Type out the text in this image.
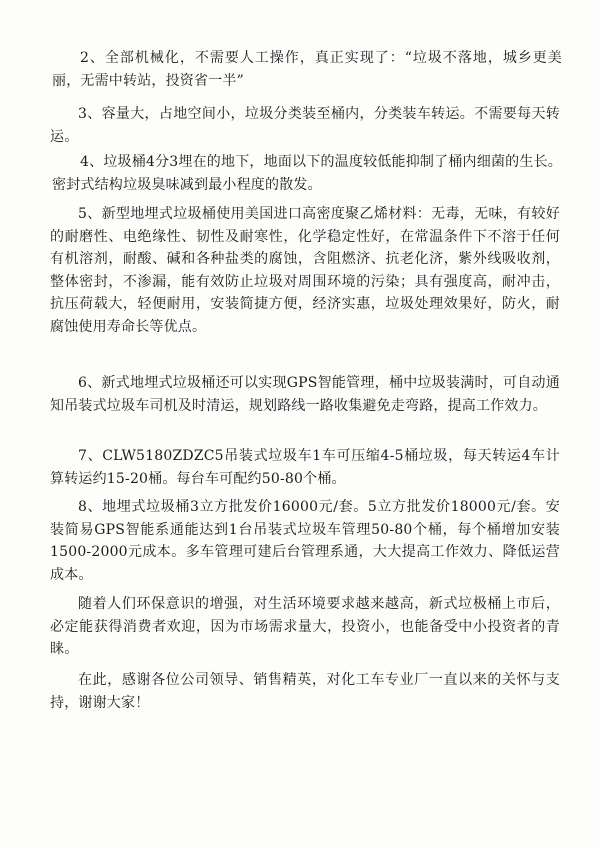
2、全部机械化，不需要人工操作，真正实现了：“垃圾不落地，城乡更美丽，无需中转站，投资省一半”

3、容量大，占地空间小，垃圾分类装至桶内，分类装车转运。不需要每天转运。

4、垃圾桶4分3埋在的地下，地面以下的温度较低能抑制了桶内细菌的生长。密封式结构垃圾臭味减到最小程度的散发。

5、新型地埋式垃圾桶使用美国进口高密度聚乙烯材料：无毒，无味，有较好的耐磨性、电绝缘性、韧性及耐寒性，化学稳定性好，在常温条件下不溶于任何有机溶剂，耐酸、碱和各种盐类的腐蚀，含阻燃济、抗老化济，紫外线吸收剂，整体密封，不渗漏，能有效防止垃圾对周围环境的污染；具有强度高，耐冲击，抗压荷载大，轻便耐用，安装简捷方便，经济实惠，垃圾处理效果好，防火，耐腐蚀使用寿命长等优点。

6、新式地埋式垃圾桶还可以实现GPS智能管理，桶中垃圾装满时，可自动通知吊装式垃圾车司机及时清运，规划路线一路收集避免走弯路，提高工作效力。

7、CLW5180ZDZC5吊装式垃圾车1车可压缩4-5桶垃圾，每天转运4车计算转运约15-20桶。每台车可配约50-80个桶。

8、地埋式垃圾桶3立方批发价16000元/套。5立方批发价18000元/套。安装简易GPS智能系通能达到1台吊装式垃圾车管理50-80个桶，每个桶增加安装1500-2000元成本。多车管理可建后台管理系通，大大提高工作效力、降低运营成本。

随着人们环保意识的增强，对生活环境要求越来越高，新式垃极桶上市后，必定能获得消费者欢迎，因为市场需求量大，投资小，也能备受中小投资者的青睐。

在此，感谢各位公司领导、销售精英，对化工车专业厂一直以来的关怀与支持，谢谢大家！
